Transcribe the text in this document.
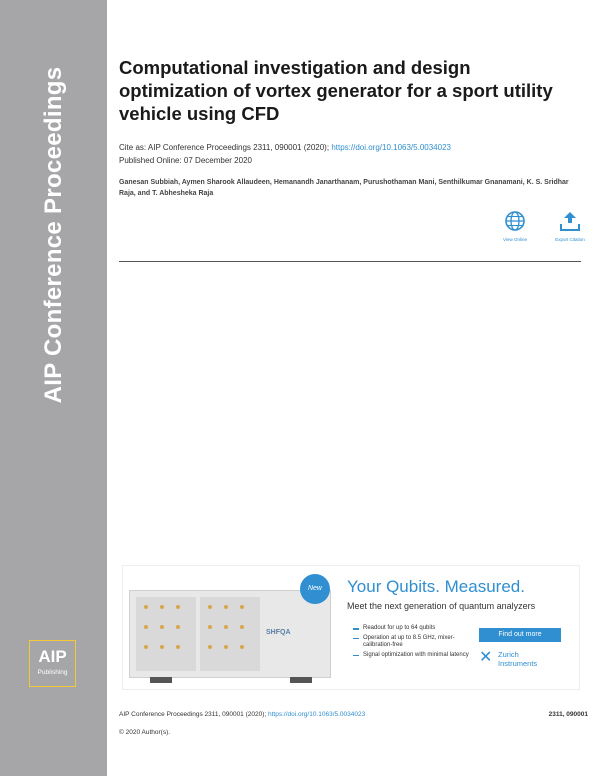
AIP Conference Proceedings
AIP
Publishing
Computational investigation and design optimization of vortex generator for a sport utility vehicle using CFD
Cite as: AIP Conference Proceedings 2311, 090001 (2020); https://doi.org/10.1063/5.0034023
Published Online: 07 December 2020
Ganesan Subbiah, Aymen Sharook Allaudeen, Hemanandh Janarthanam, Purushothaman Mani, Senthilkumar Gnanamani, K. S. Sridhar Raja, and T. Abhesheka Raja
View Online	Export Citation
SHFQA
New	Your Qubits. Measured.
Meet the next generation of quantum analyzers
Readout for up to 64 qubits
Operation at up to 8.5 GHz, mixer-calibration-free
Signal optimization with minimal latency
Find out more
✕ Zurich
Instruments
AIP Conference Proceedings 2311, 090001 (2020); https://doi.org/10.1063/5.0034023	2311, 090001
© 2020 Author(s).
